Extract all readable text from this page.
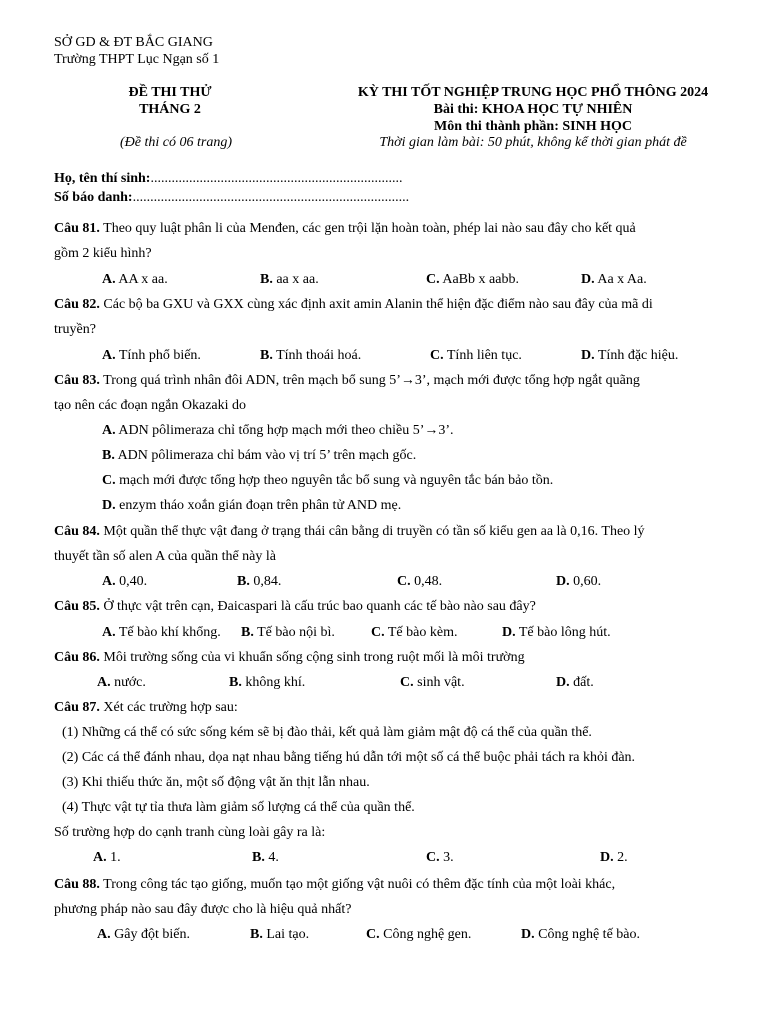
SỞ GD & ĐT BẮC GIANG
Trường THPT Lục Ngạn số 1
ĐỀ THI THỬ
THÁNG 2
KỲ THI TỐT NGHIỆP TRUNG HỌC PHỔ THÔNG 2024
Bài thi: KHOA HỌC TỰ NHIÊN
Môn thi thành phần: SINH HỌC
(Đề thi có 06 trang)	Thời gian làm bài: 50 phút, không kể thời gian phát đề
Họ, tên thí sinh:........................................................................
Số báo danh:...............................................................................
Câu 81. Theo quy luật phân li của Menđen, các gen trội lặn hoàn toàn, phép lai nào sau đây cho kết quả
gồm 2 kiểu hình?
A. AA x aa.	B. aa x aa.	C. AaBb x aabb.	D. Aa x Aa.
Câu 82. Các bộ ba GXU và GXX cùng xác định axit amin Alanin thể hiện đặc điểm nào sau đây của mã di
truyền?
A. Tính phổ biến.	B. Tính thoái hoá.	C. Tính liên tục.	D. Tính đặc hiệu.
Câu 83. Trong quá trình nhân đôi ADN, trên mạch bổ sung 5’→3’, mạch mới được tổng hợp ngắt quãng
tạo nên các đoạn ngắn Okazaki do
A. ADN pôlimeraza chỉ tổng hợp mạch mới theo chiều 5’→3’.
B. ADN pôlimeraza chỉ bám vào vị trí 5’ trên mạch gốc.
C. mạch mới được tổng hợp theo nguyên tắc bổ sung và nguyên tắc bán bảo tồn.
D. enzym tháo xoắn gián đoạn trên phân tử AND mẹ.
Câu 84. Một quần thể thực vật đang ở trạng thái cân bằng di truyền có tần số kiểu gen aa là 0,16. Theo lý
thuyết tần số alen A của quần thể này là
A. 0,40.	B. 0,84.	C. 0,48.	D. 0,60.
Câu 85. Ở thực vật trên cạn, Đaicaspari là cấu trúc bao quanh các tế bào nào sau đây?
A. Tế bào khí khổng. B. Tế bào nội bì.	C. Tế bào kèm.	D. Tế bào lông hút.
Câu 86. Môi trường sống của vi khuẩn sống cộng sinh trong ruột mối là môi trường
A. nước.	B. không khí.	C. sinh vật.	D. đất.
Câu 87. Xét các trường hợp sau:
(1) Những cá thể có sức sống kém sẽ bị đào thải, kết quả làm giảm mật độ cá thể của quần thể.
(2) Các cá thể đánh nhau, dọa nạt nhau bằng tiếng hú dẫn tới một số cá thể buộc phải tách ra khỏi đàn.
(3) Khi thiếu thức ăn, một số động vật ăn thịt lẫn nhau.
(4) Thực vật tự tỉa thưa làm giảm số lượng cá thể của quần thể.
Số trường hợp do cạnh tranh cùng loài gây ra là:
A. 1.	B. 4.	C. 3.	D. 2.
Câu 88. Trong công tác tạo giống, muốn tạo một giống vật nuôi có thêm đặc tính của một loài khác,
phương pháp nào sau đây được cho là hiệu quả nhất?
A. Gây đột biến.	B. Lai tạo.	C. Công nghệ gen.	D. Công nghệ tế bào.
